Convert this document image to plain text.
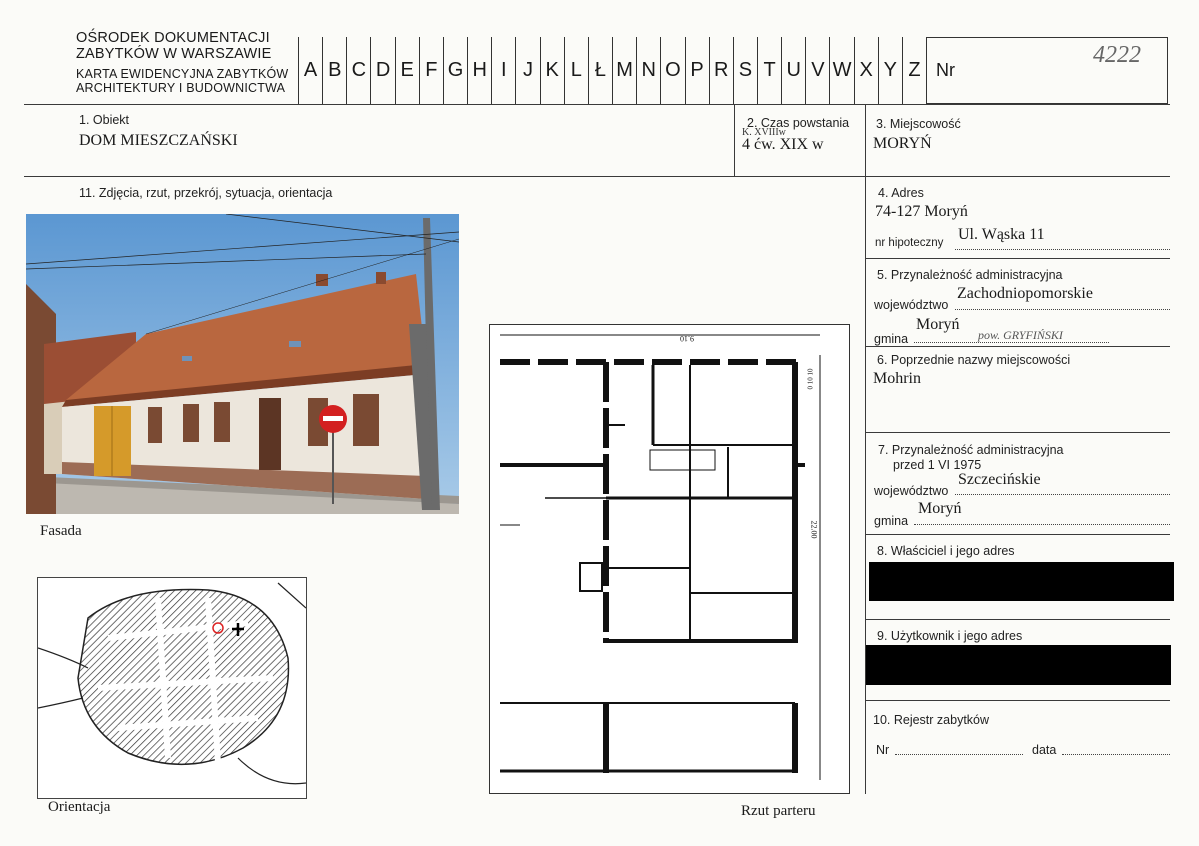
OŚRODEK DOKUMENTACJI
ZABYTKÓW W WARSZAWIE
KARTA EWIDENCYJNA ZABYTKÓW
ARCHITEKTURY I BUDOWNICTWA
A B C D E F G H I J K L Ł M N O P R S T U V W X Y Z Nr
4222
1. Obiekt
DOM MIESZCZAŃSKI
2. Czas powstania
K. XVIIIw
4 ćw. XIX w
3. Miejscowość
MORYŃ
11. Zdjęcia, rzut, przekrój, sytuacja, orientacja
Fasada
Orientacja
9.10
0 10 10
22.00
Rzut parteru
4. Adres
74-127 Moryń
nr hipoteczny Ul. Wąska 11
5. Przynależność administracyjna
województwo
Zachodniopomorskie
gmina
Moryń
pow. GRYFIŃSKI
6. Poprzednie nazwy miejscowości
Mohrin
7. Przynależność administracyjna
przed 1 VI 1975
województwo
Szczecińskie
gmina
Moryń
8. Właściciel i jego adres
9. Użytkownik i jego adres
10. Rejestr zabytków
Nr	data
